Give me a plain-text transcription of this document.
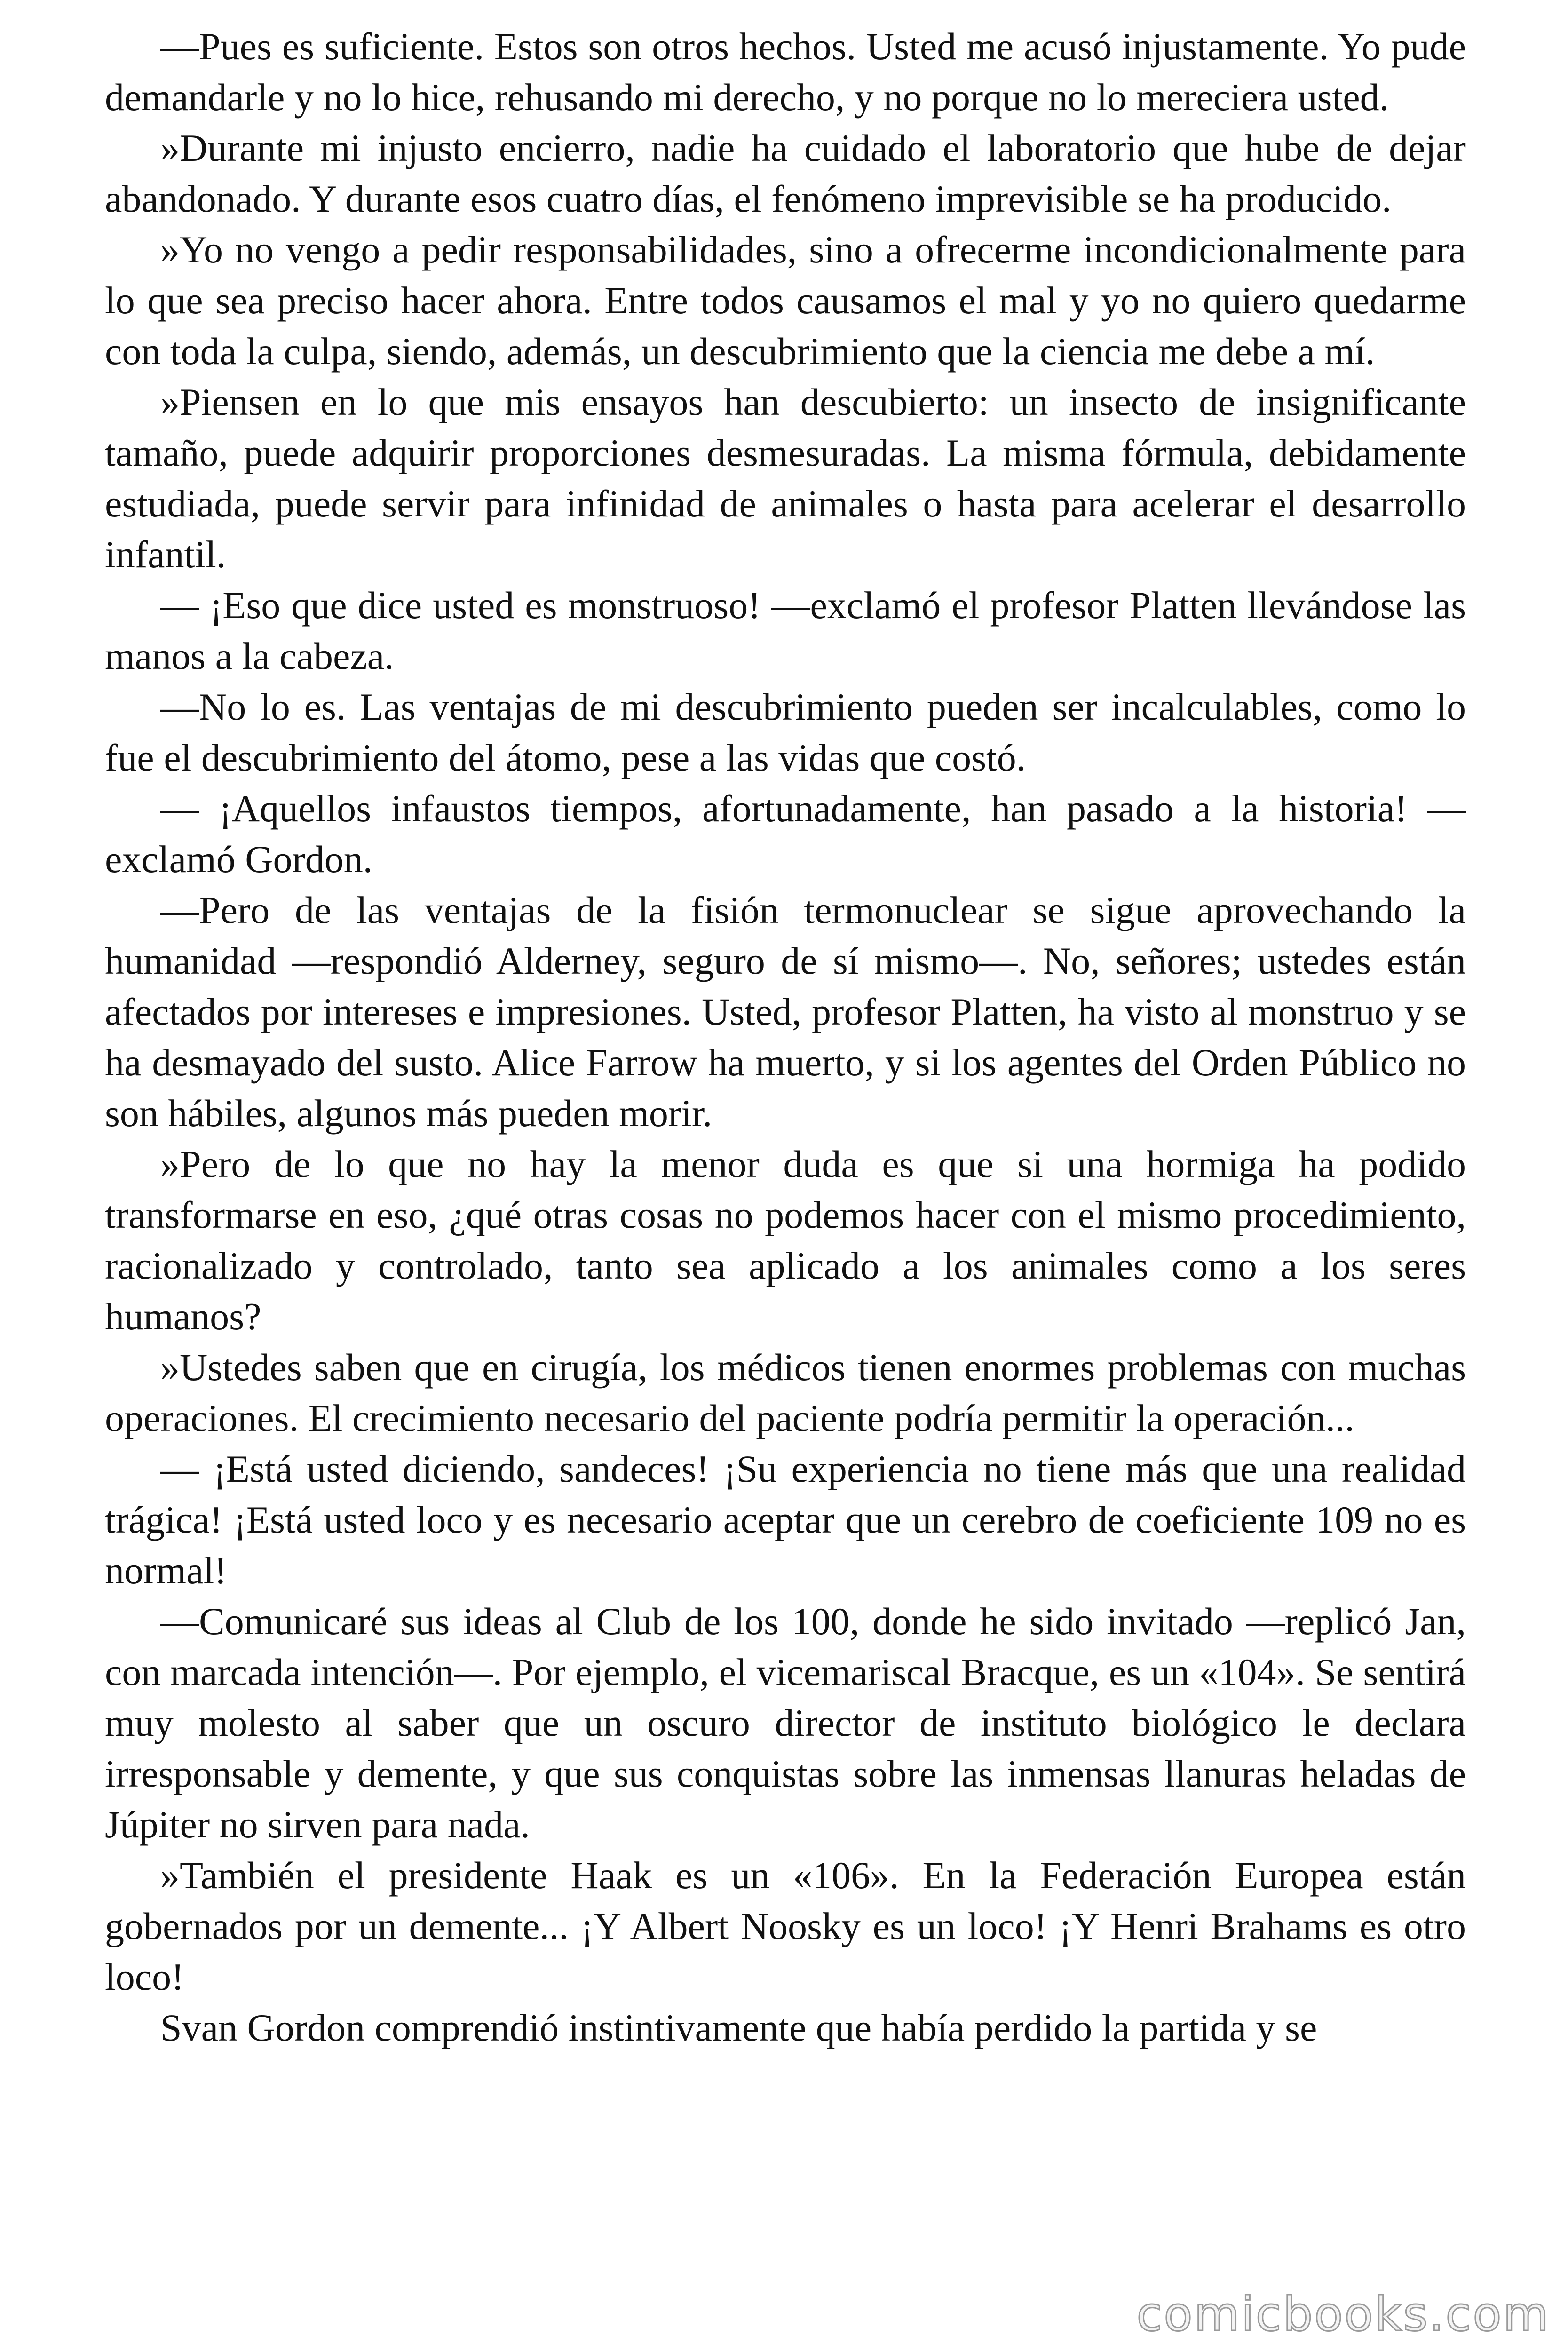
—Pues es suficiente. Estos son otros hechos. Usted me acusó injustamente. Yo pude demandarle y no lo hice, rehusando mi derecho, y no porque no lo mereciera usted.

»Durante mi injusto encierro, nadie ha cuidado el laboratorio que hube de dejar abandonado. Y durante esos cuatro días, el fenómeno imprevisible se ha producido.

»Yo no vengo a pedir responsabilidades, sino a ofrecerme incondicionalmente para lo que sea preciso hacer ahora. Entre todos causamos el mal y yo no quiero quedarme con toda la culpa, siendo, además, un descubrimiento que la ciencia me debe a mí.

»Piensen en lo que mis ensayos han descubierto: un insecto de insignificante tamaño, puede adquirir proporciones desmesuradas. La misma fórmula, debidamente estudiada, puede servir para infinidad de animales o hasta para acelerar el desarrollo infantil.

— ¡Eso que dice usted es monstruoso! —exclamó el profesor Platten llevándose las manos a la cabeza.

—No lo es. Las ventajas de mi descubrimiento pueden ser incalculables, como lo fue el descubrimiento del átomo, pese a las vidas que costó.

— ¡Aquellos infaustos tiempos, afortunadamente, han pasado a la historia! —exclamó Gordon.

—Pero de las ventajas de la fisión termonuclear se sigue aprovechando la humanidad —respondió Alderney, seguro de sí mismo—. No, señores; ustedes están afectados por intereses e impresiones. Usted, profesor Platten, ha visto al monstruo y se ha desmayado del susto. Alice Farrow ha muerto, y si los agentes del Orden Público no son hábiles, algunos más pueden morir.

»Pero de lo que no hay la menor duda es que si una hormiga ha podido transformarse en eso, ¿qué otras cosas no podemos hacer con el mismo procedimiento, racionalizado y controlado, tanto sea aplicado a los animales como a los seres humanos?

»Ustedes saben que en cirugía, los médicos tienen enormes problemas con muchas operaciones. El crecimiento necesario del paciente podría permitir la operación...

— ¡Está usted diciendo, sandeces! ¡Su experiencia no tiene más que una realidad trágica! ¡Está usted loco y es necesario aceptar que un cerebro de coeficiente 109 no es normal!

—Comunicaré sus ideas al Club de los 100, donde he sido invitado —replicó Jan, con marcada intención—. Por ejemplo, el vicemariscal Bracque, es un «104». Se sentirá muy molesto al saber que un oscuro director de instituto biológico le declara irresponsable y demente, y que sus conquistas sobre las inmensas llanuras heladas de Júpiter no sirven para nada.

»También el presidente Haak es un «106». En la Federación Europea están gobernados por un demente... ¡Y Albert Noosky es un loco! ¡Y Henri Brahams es otro loco!

Svan Gordon comprendió instintivamente que había perdido la partida y se

comicbooks.com
